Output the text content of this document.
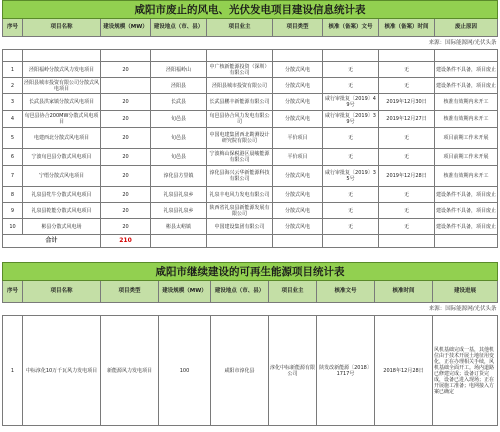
咸阳市废止的风电、光伏发电项目建设信息统计表								
序号	项目名称	建设规模（MW）	建设地点（市、县）	项目业主	项目类型	核准（备案）文号	核准（备案）时间	废止原因
来源：国际能源网/光伏头条								

1	泾阳福岭分散式风力发电项目	20	泾阳福岭山	中广核新能源投资（深圳）有限公司	分散式风电	无	无	建设条件不具备，项目废止
2	泾阳县城市投资有限公司分散式风电项目		泾阳县	泾阳县城市投资有限公司	分散式风电	无	无	建设条件不具备，项目废止
3	长武县洪家镇分散式风电项目	20	长武县	长武县鹏丰新能源有限公司	分散式风电	咸行审批复〔2019〕49号	2019年12月30日	核准有效期内未开工
4	旬邑县协合200MW分散式风电项目	20	旬邑县	旬邑县协合风力发电有限公司	分散式风电	咸行审批复〔2019〕39号	2019年12月27日	核准有效期内未开工
5	电建西北分散式风电项目	20	旬邑县	中国电建集团西北勘测设计研究院有限公司	平价项目	无	无	项目前期工作未开展
6	宁波旬邑县分散式风电项目	20	旬邑县	宁波梅山保税港区晨峻能源有限公司	平价项目	无	无	项目前期工作未开展
7	宁缙分散式风电项目	20	淳化县方里镇	淳化县海兴云华新能源科技有限公司	分散式风电	咸行审批复〔2019〕35号	2019年12月28日	核准有效期内未开工
8	礼泉县牝牛分散式风电项目	20	礼泉县礼泉乡	礼泉丰电风力发电有限公司	分散式风电	无	无	建设条件不具备，项目废止
9	礼泉县乾能分散式风电项目	20	礼泉县礼泉乡	陕西省礼泉县新能源发展有限公司	分散式风电	无	无	建设条件不具备，项目废止
10	彬县分散式风电场	20	彬县太峪镇	中国建设集团有限公司	分散式风电	无	无	建设条件不具备，项目废止
合计		210						
咸阳市继续建设的可再生能源项目统计表								
序号	项目名称	项目类型	建设规模（MW）	建设地点（市、县）	项目业主	核准文号	核准时间	建设进展
来源：国际能源网/光伏头条								
1	中标淳化10万千瓦风力发电项目	新能源风力发电项目	100	咸阳市淳化县	淳化中标新能源有限公司	陕发改新能源〔2018〕1717号	2018年12月28日	风机基础完成一基，其他机位由于技术开展土地征用变化，正在办理相关手续，风机基础全面开工。场内道路已修建完成；设备订货完成，设备已进入现场；正在开展施工准备；电网接入方案已确定
